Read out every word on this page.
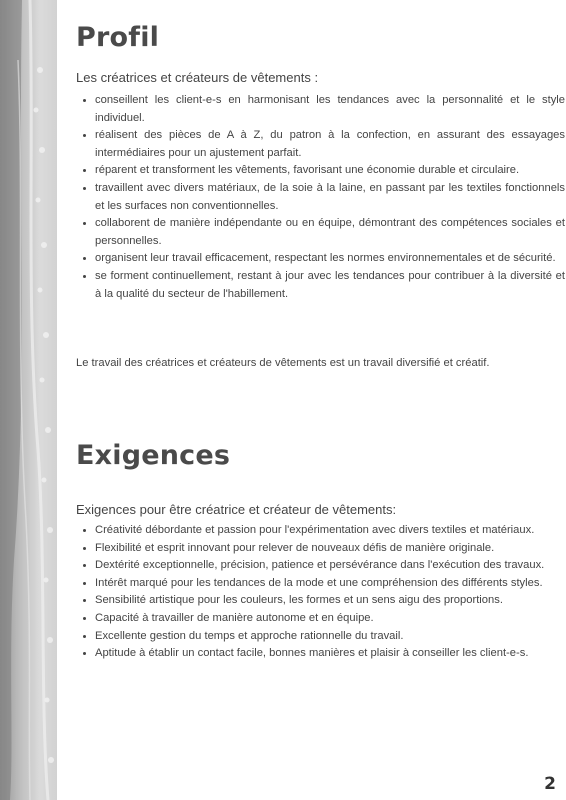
Profil

Les créatrices et créateurs de vêtements :

• conseillent les client-e-s en harmonisant les tendances avec la personnalité et le style individuel.
• réalisent des pièces de A à Z, du patron à la confection, en assurant des essayages intermédiaires pour un ajustement parfait.
• réparent et transforment les vêtements, favorisant une économie durable et circulaire.
• travaillent avec divers matériaux, de la soie à la laine, en passant par les textiles fonctionnels et les surfaces non conventionnelles.
• collaborent de manière indépendante ou en équipe, démontrant des compétences sociales et personnelles.
• organisent leur travail efficacement, respectant les normes environnementales et de sécurité.
• se forment continuellement, restant à jour avec les tendances pour contribuer à la diversité et à la qualité du secteur de l'habillement.

Le travail des créatrices et créateurs de vêtements est un travail diversifié et créatif.

Exigences

Exigences pour être créatrice et créateur de vêtements:

• Créativité débordante et passion pour l'expérimentation avec divers textiles et matériaux.
• Flexibilité et esprit innovant pour relever de nouveaux défis de manière originale.
• Dextérité exceptionnelle, précision, patience et persévérance dans l'exécution des travaux.
• Intérêt marqué pour les tendances de la mode et une compréhension des différents styles.
• Sensibilité artistique pour les couleurs, les formes et un sens aigu des proportions.
• Capacité à travailler de manière autonome et en équipe.
• Excellente gestion du temps et approche rationnelle du travail.
• Aptitude à établir un contact facile, bonnes manières et plaisir à conseiller les client-e-s.
2
